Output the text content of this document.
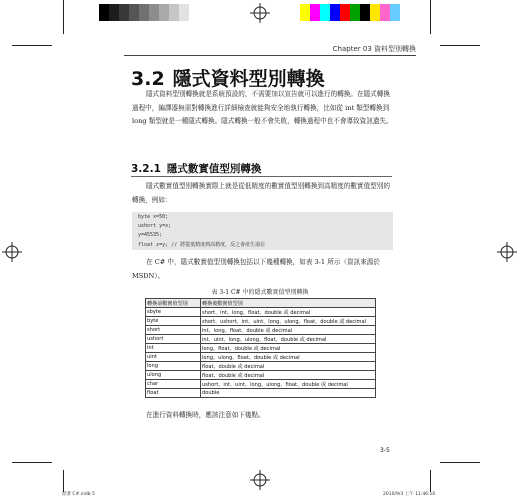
Chapter 03 資料型別轉換
3.2 隱式資料型別轉換

隱式資料型別轉換就是系統預設的，不需要加以宣告就可以進行的轉換。在隱式轉換過程中，編譯器無需對轉換進行詳細檢查就能夠安全地執行轉換，比如從 int 類型轉換到 long 類型就是一種隱式轉換。隱式轉換一般不會失敗，轉換過程中也不會導致資訊遺失。

3.2.1 隱式數實值型別轉換

隱式數實值型別轉換實際上就是從低精度的數實值型別轉換到高精度的數實值型別的轉換，例如：

byte x=50;
ushort y=x;
y=45535;
float z=y; // 將從低精度到高精度，反之會產生溢位

在 C# 中，隱式數實值型別轉換包括以下幾種轉換，如表 3-1 所示（資訊來源於 MSDN）。

表 3-1 C# 中的隱式數實值型別轉換
轉換前數實值型別	轉換後數實值型別
sbyte	short、int、long、float、double 或 decimal
byte	short、ushort、int、uint、long、ulong、float、double 或 decimal
short	int、long、float、double 或 decimal
ushort	int、uint、long、ulong、float、double 或 decimal
int	long、float、double 或 decimal
uint	long、ulong、float、double 或 decimal
long	float、double 或 decimal
ulong	float、double 或 decimal
char	ushort、int、uint、long、ulong、float、double 或 decimal
float	double

在進行資料轉換時，應該注意如下幾點。

3-5
原著 C#.indb 5	2010/9/3 上午 11:46:10
